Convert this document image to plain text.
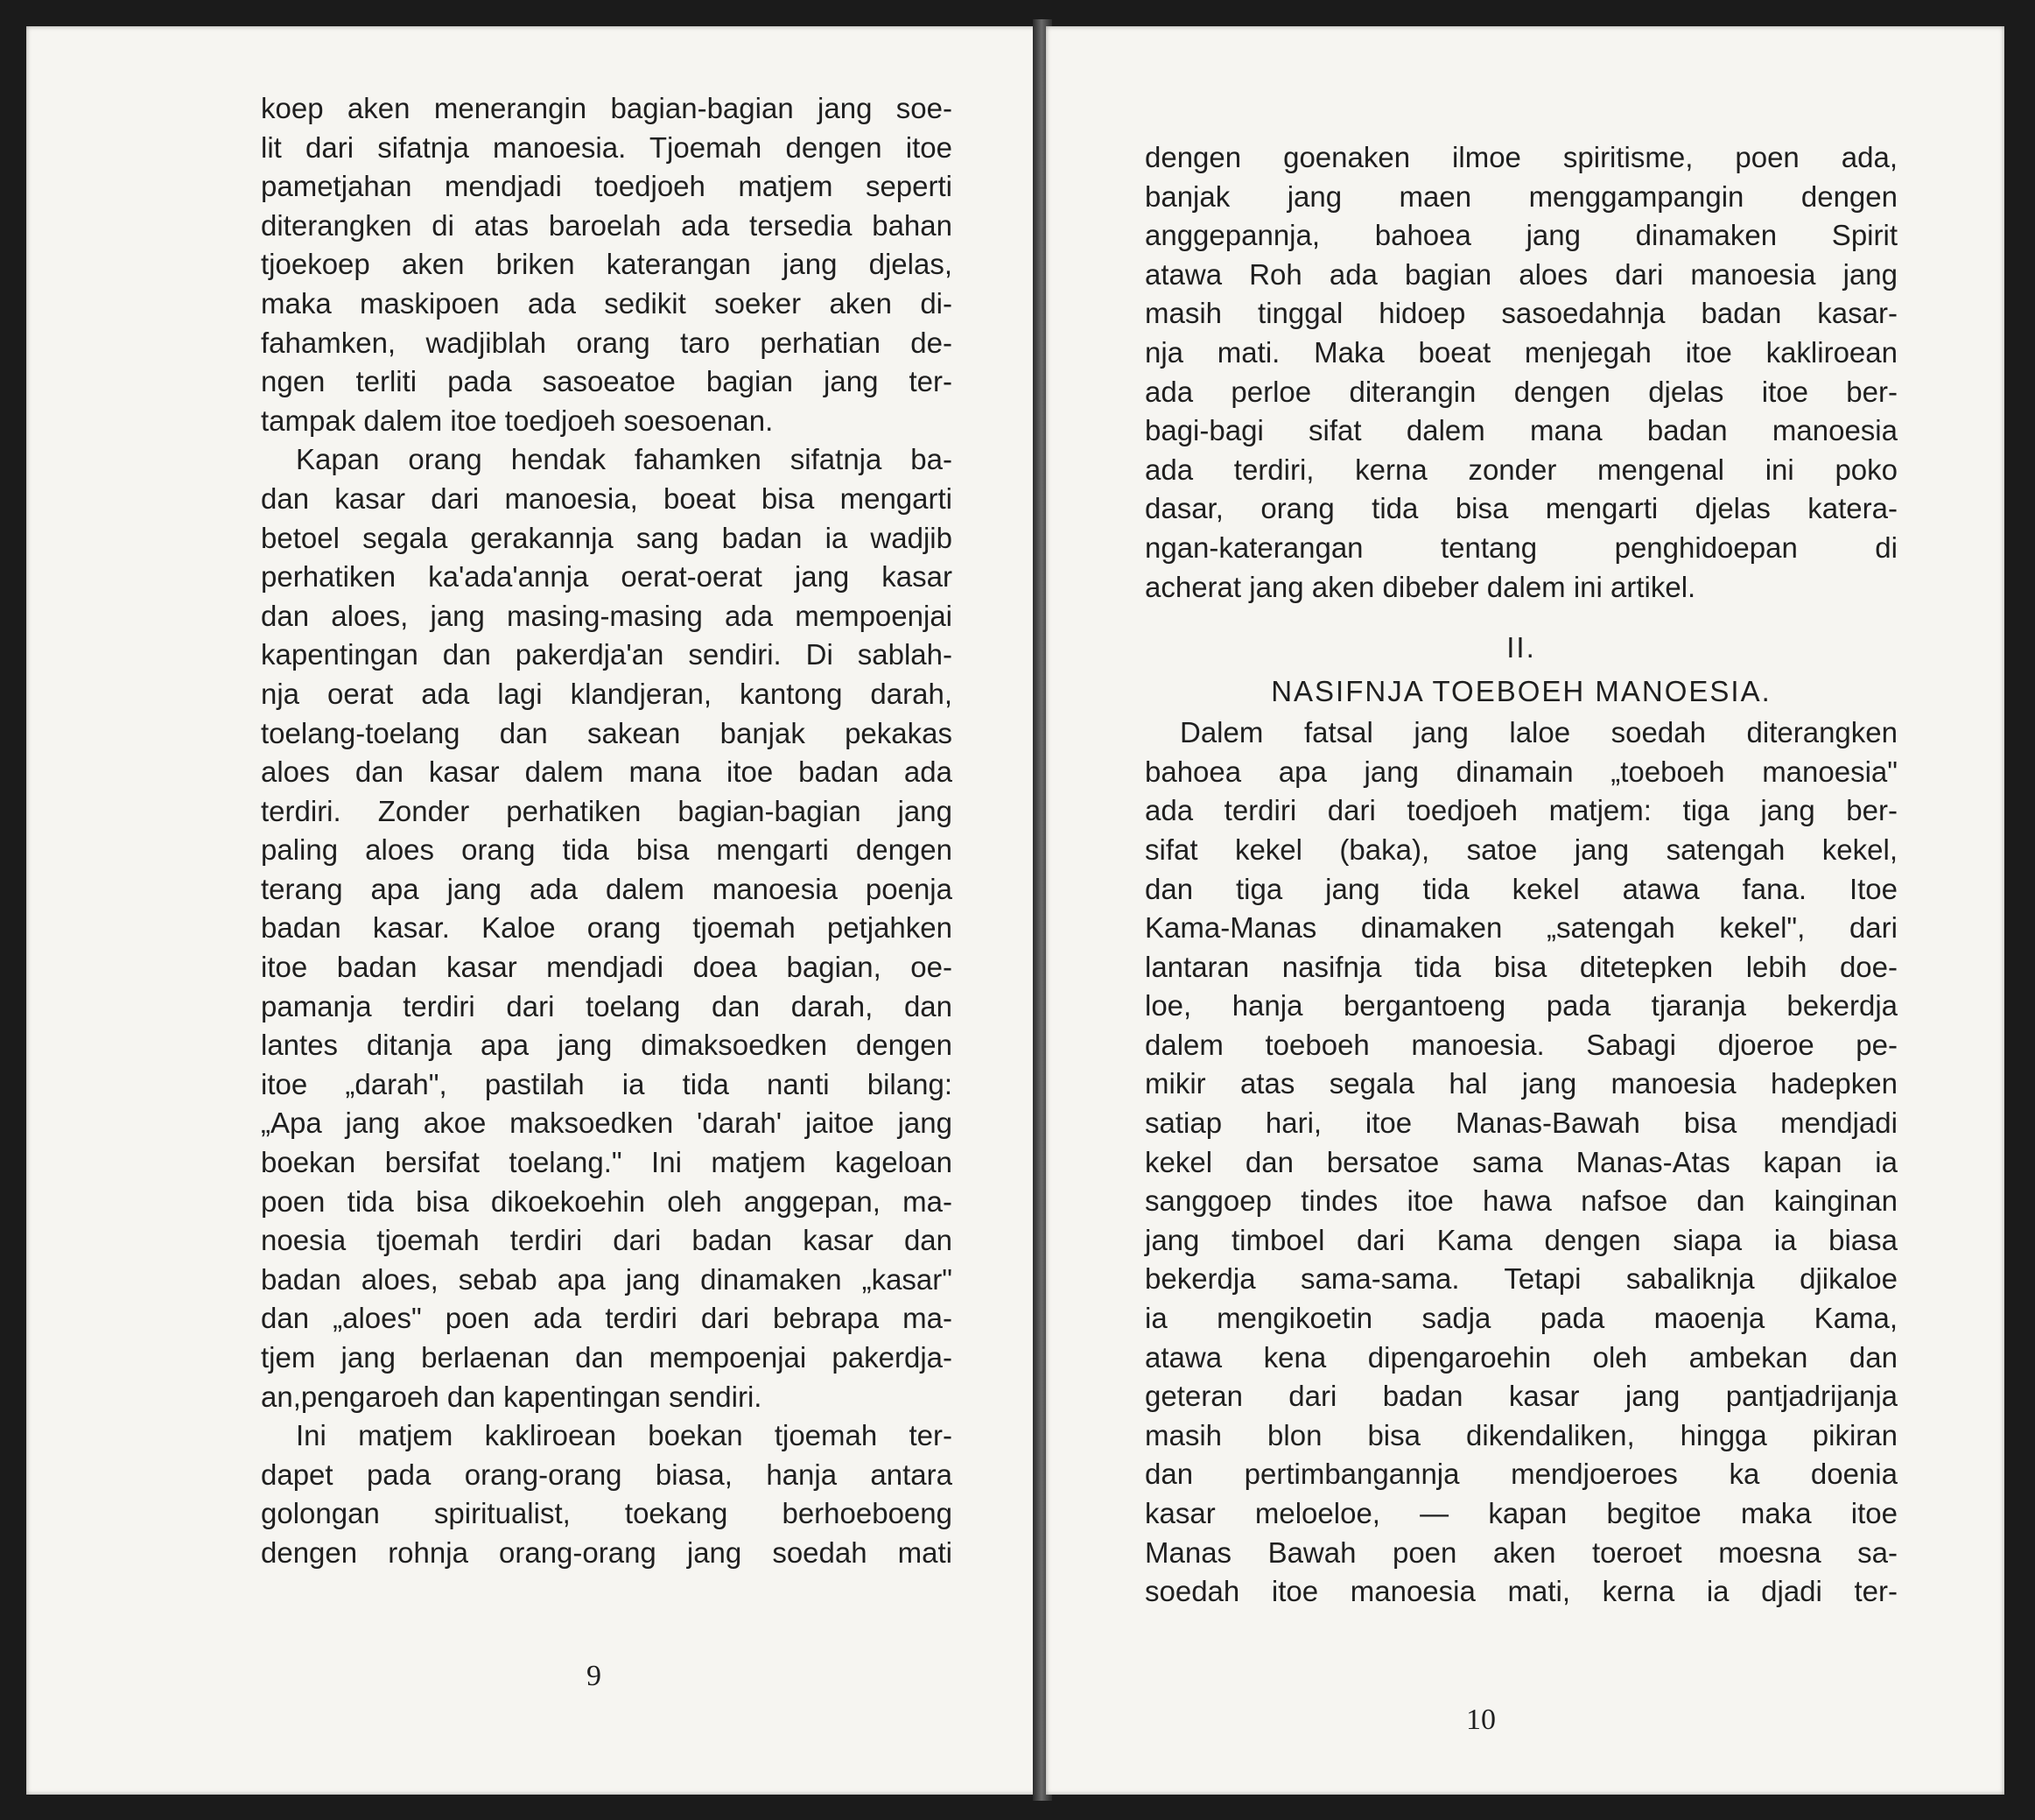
koep aken menerangin bagian-bagian jang soe-
lit dari sifatnja manoesia. Tjoemah dengen itoe
pametjahan mendjadi toedjoeh matjem seperti
diterangken di atas baroelah ada tersedia bahan
tjoekoep aken briken katerangan jang djelas,
maka maskipoen ada sedikit soeker aken di-
fahamken, wadjiblah orang taro perhatian de-
ngen terliti pada sasoeatoe bagian jang ter-
tampak dalem itoe toedjoeh soesoenan.
Kapan orang hendak fahamken sifatnja ba-
dan kasar dari manoesia, boeat bisa mengarti
betoel segala gerakannja sang badan ia wadjib
perhatiken ka'ada'annja oerat-oerat jang kasar
dan aloes, jang masing-masing ada mempoenjai
kapentingan dan pakerdja'an sendiri. Di sablah-
nja oerat ada lagi klandjeran, kantong darah,
toelang-toelang dan sakean banjak pekakas
aloes dan kasar dalem mana itoe badan ada
terdiri. Zonder perhatiken bagian-bagian jang
paling aloes orang tida bisa mengarti dengen
terang apa jang ada dalem manoesia poenja
badan kasar. Kaloe orang tjoemah petjahken
itoe badan kasar mendjadi doea bagian, oe-
pamanja terdiri dari toelang dan darah, dan
lantes ditanja apa jang dimaksoedken dengen
itoe „darah", pastilah ia tida nanti bilang:
„Apa jang akoe maksoedken 'darah' jaitoe jang
boekan bersifat toelang." Ini matjem kageloan
poen tida bisa dikoekoehin oleh anggepan, ma-
noesia tjoemah terdiri dari badan kasar dan
badan aloes, sebab apa jang dinamaken „kasar"
dan „aloes" poen ada terdiri dari bebrapa ma-
tjem jang berlaenan dan mempoenjai pakerdja-
an,pengaroeh dan kapentingan sendiri.
Ini matjem kakliroean boekan tjoemah ter-
dapet pada orang-orang biasa, hanja antara
golongan spiritualist, toekang berhoeboeng
dengen rohnja orang-orang jang soedah mati
9
dengen goenaken ilmoe spiritisme, poen ada,
banjak jang maen menggampangin dengen
anggepannja, bahoea jang dinamaken Spirit
atawa Roh ada bagian aloes dari manoesia jang
masih tinggal hidoep sasoedahnja badan kasar-
nja mati. Maka boeat menjegah itoe kakliroean
ada perloe diterangin dengen djelas itoe ber-
bagi-bagi sifat dalem mana badan manoesia
ada terdiri, kerna zonder mengenal ini poko
dasar, orang tida bisa mengarti djelas katera-
ngan-katerangan tentang penghidoepan di
acherat jang aken dibeber dalem ini artikel.
II.
NASIFNJA TOEBOEH MANOESIA.
Dalem fatsal jang laloe soedah diterangken
bahoea apa jang dinamain „toeboeh manoesia"
ada terdiri dari toedjoeh matjem: tiga jang ber-
sifat kekel (baka), satoe jang satengah kekel,
dan tiga jang tida kekel atawa fana. Itoe
Kama-Manas dinamaken „satengah kekel", dari
lantaran nasifnja tida bisa ditetepken lebih doe-
loe, hanja bergantoeng pada tjaranja bekerdja
dalem toeboeh manoesia. Sabagi djoeroe pe-
mikir atas segala hal jang manoesia hadepken
satiap hari, itoe Manas-Bawah bisa mendjadi
kekel dan bersatoe sama Manas-Atas kapan ia
sanggoep tindes itoe hawa nafsoe dan kainginan
jang timboel dari Kama dengen siapa ia biasa
bekerdja sama-sama. Tetapi sabaliknja djikaloe
ia mengikoetin sadja pada maoenja Kama,
atawa kena dipengaroehin oleh ambekan dan
geteran dari badan kasar jang pantjadrijanja
masih blon bisa dikendaliken, hingga pikiran
dan pertimbangannja mendjoeroes ka doenia
kasar meloeloe, — kapan begitoe maka itoe
Manas Bawah poen aken toeroet moesna sa-
soedah itoe manoesia mati, kerna ia djadi ter-
10
